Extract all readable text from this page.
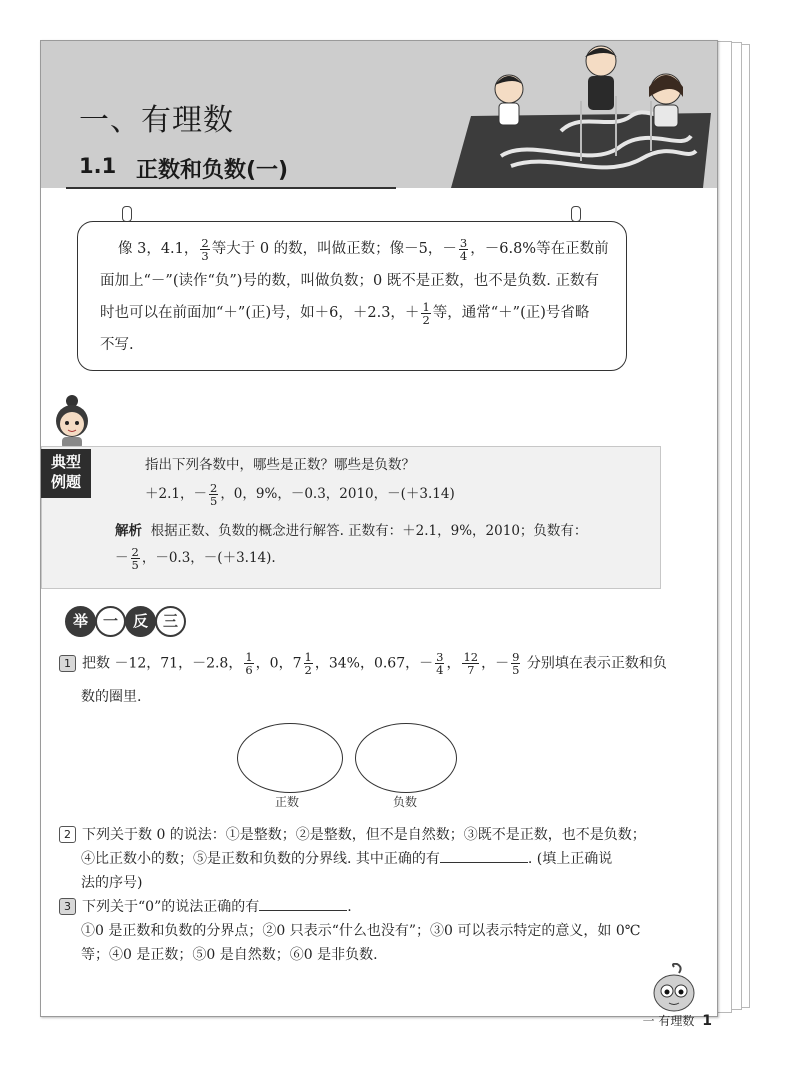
一、有理数
1.1 正数和负数(一)

像 3，4.1， $\frac{2}{3}$ 等大于 0 的数，叫做正数；像－5，－ $\frac{3}{4}$ ，－6.8%等在正数前

面加上“－”(读作“负”)号的数，叫做负数；0 既不是正数，也不是负数. 正数有

时也可以在前面加“＋”(正)号，如＋6，＋2.3，＋ $\frac{1}{2}$ 等，通常“＋”(正)号省略

不写.

典型
例题
指出下列各数中，哪些是正数？哪些是负数？
＋2.1，－ $\frac{2}{5}$ ，0，9%，－0.3，2010，－(＋3.14)
解析 根据正数、负数的概念进行解答. 正数有：＋2.1，9%，2010；负数有：
－ $\frac{2}{5}$ ，－0.3，－(＋3.14).
举 一 反 三
1 把数 －12，71，－2.8， $\frac{1}{6}$ ，0，$7 \frac{1}{2}$ ，34%，0.67，－ $\frac{3}{4}$ ， $\frac{12}{7}$ ，－ $\frac{9}{5}$ 分别填在表示正数和负
数的圈里.
正数	负数
2 下列关于数 0 的说法：①是整数；②是整数，但不是自然数；③既不是正数，也不是负数；
④比正数小的数；⑤是正数和负数的分界线. 其中正确的有	. (填上正确说
法的序号)
3 下列关于“0”的说法正确的有	.
①0 是正数和负数的分界点；②0 只表示“什么也没有”；③0 可以表示特定的意义，如 0℃
等；④0 是正数；⑤0 是自然数；⑥0 是非负数.
一 有理数 1
